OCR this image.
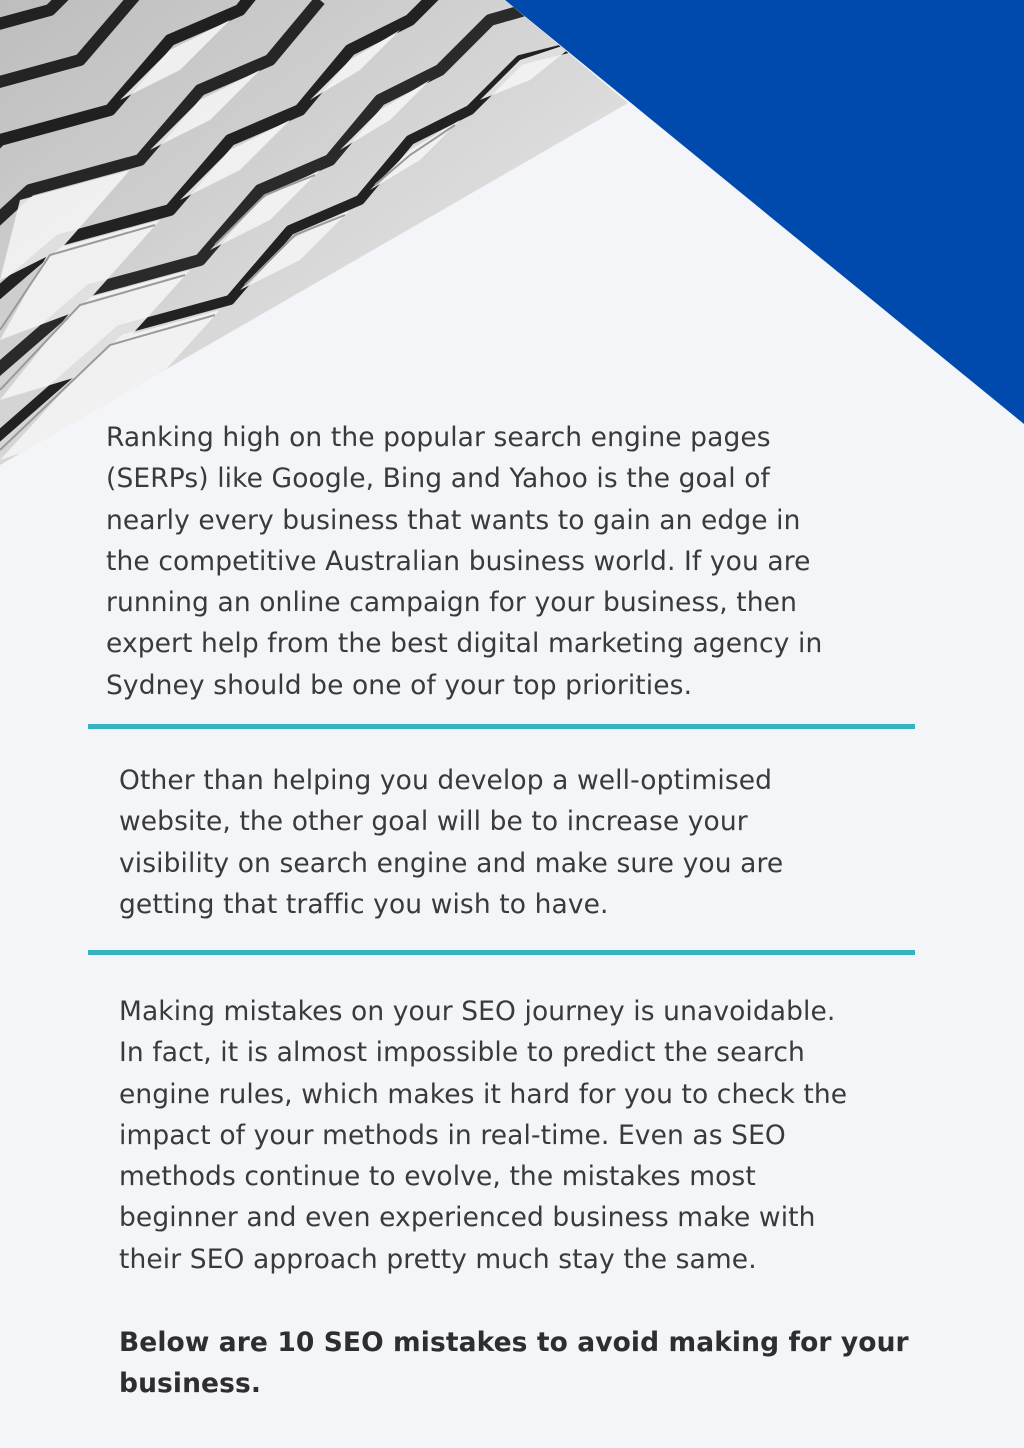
Ranking high on the popular search engine pages
(SERPs) like Google, Bing and Yahoo is the goal of
nearly every business that wants to gain an edge in
the competitive Australian business world. If you are
running an online campaign for your business, then
expert help from the best digital marketing agency in
Sydney should be one of your top priorities.

Other than helping you develop a well-optimised
website, the other goal will be to increase your
visibility on search engine and make sure you are
getting that traffic you wish to have.

Making mistakes on your SEO journey is unavoidable.
In fact, it is almost impossible to predict the search
engine rules, which makes it hard for you to check the
impact of your methods in real-time. Even as SEO
methods continue to evolve, the mistakes most
beginner and even experienced business make with
their SEO approach pretty much stay the same.

Below are 10 SEO mistakes to avoid making for your
business.
